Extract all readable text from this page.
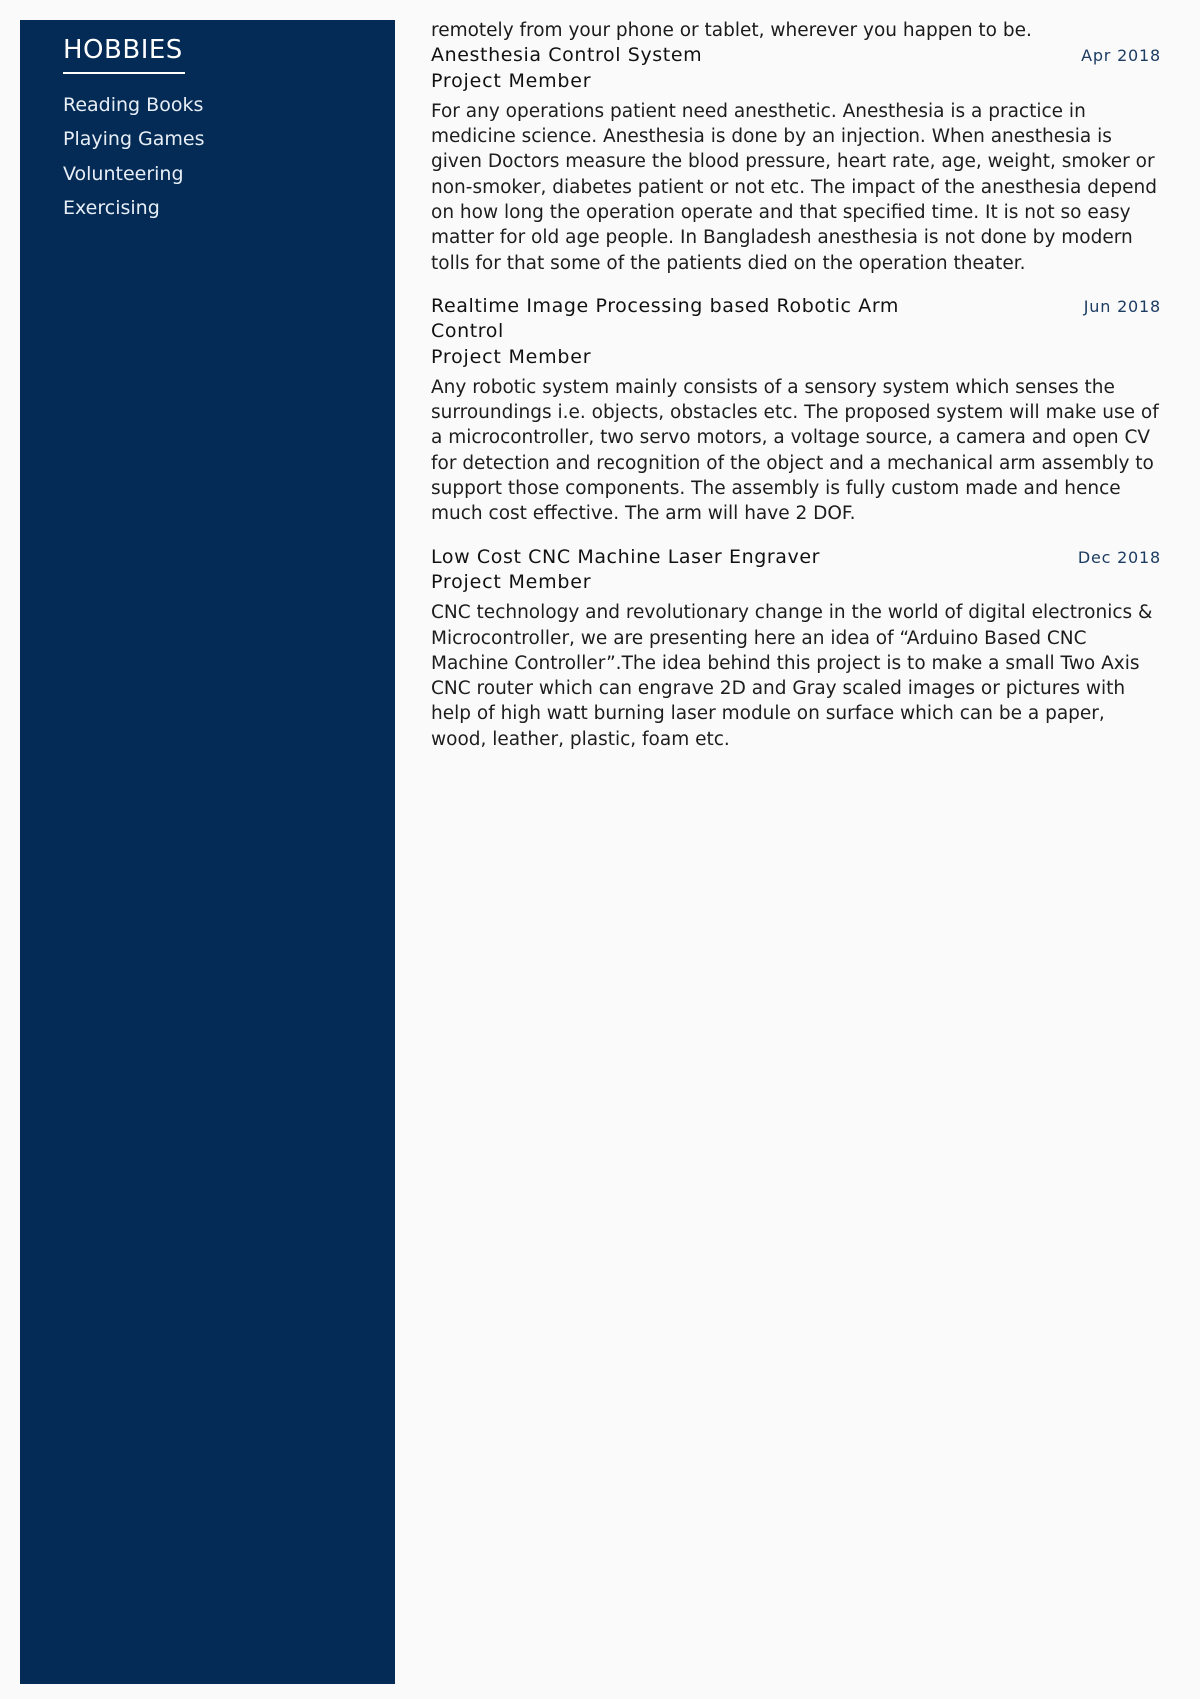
HOBBIES
Reading Books
Playing Games
Volunteering
Exercising

remotely from your phone or tablet, wherever you happen to be.

Anesthesia Control System	Apr 2018
Project Member

For any operations patient need anesthetic. Anesthesia is a practice in medicine science. Anesthesia is done by an injection. When anesthesia is given Doctors measure the blood pressure, heart rate, age, weight, smoker or non-smoker, diabetes patient or not etc. The impact of the anesthesia depend on how long the operation operate and that specified time. It is not so easy matter for old age people. In Bangladesh anesthesia is not done by modern tolls for that some of the patients died on the operation theater.

Realtime Image Processing based Robotic Arm Control
Jun 2018
Project Member

Any robotic system mainly consists of a sensory system which senses the surroundings i.e. objects, obstacles etc. The proposed system will make use of a microcontroller, two servo motors, a voltage source, a camera and open CV for detection and recognition of the object and a mechanical arm assembly to support those components. The assembly is fully custom made and hence much cost effective. The arm will have 2 DOF.

Low Cost CNC Machine Laser Engraver	Dec 2018
Project Member

CNC technology and revolutionary change in the world of digital electronics & Microcontroller, we are presenting here an idea of “Arduino Based CNC Machine Controller”.The idea behind this project is to make a small Two Axis CNC router which can engrave 2D and Gray scaled images or pictures with help of high watt burning laser module on surface which can be a paper, wood, leather, plastic, foam etc.
